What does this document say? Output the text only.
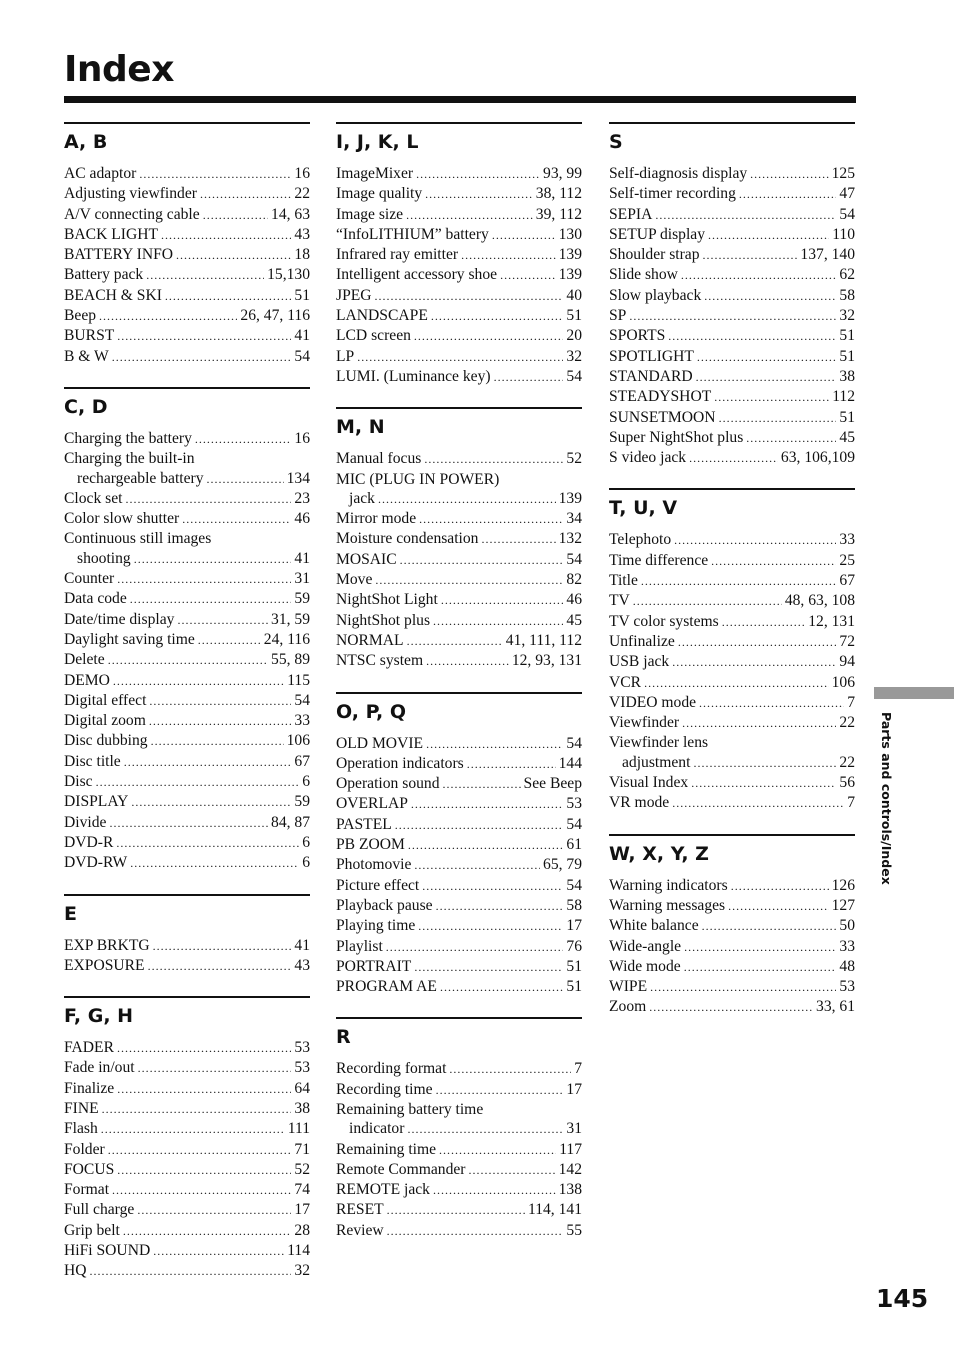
Index
A, B
AC adaptor .....	16
Adjusting viewfinder .....	22
A/V connecting cable .....	14, 63
BACK LIGHT .....	43
BATTERY INFO .....	18
Battery pack .....	15,130
BEACH & SKI .....	51
Beep .....	26, 47, 116
BURST .....	41
B & W .....	54
C, D
Charging the battery .....	16
Charging the built-in
rechargeable battery .....	134
Clock set .....	23
Color slow shutter .....	46
Continuous still images
shooting .....	41
Counter .....	31
Data code .....	59
Date/time display .....	31, 59
Daylight saving time .....	24, 116
Delete .....	55, 89
DEMO .....	115
Digital effect .....	54
Digital zoom .....	33
Disc dubbing .....	106
Disc title .....	67
Disc .....	6
DISPLAY .....	59
Divide .....	84, 87
DVD-R .....	6
DVD-RW .....	6
E
EXP BRKTG .....	41
EXPOSURE .....	43
F, G, H
FADER .....	53
Fade in/out .....	53
Finalize .....	64
FINE .....	38
Flash .....	111
Folder .....	71
FOCUS .....	52
Format .....	74
Full charge .....	17
Grip belt .....	28
HiFi SOUND .....	114
HQ .....	32
I, J, K, L
ImageMixer .....	93, 99
Image quality .....	38, 112
Image size .....	39, 112
“InfoLITHIUM” battery .....	130
Infrared ray emitter .....	139
Intelligent accessory shoe .....	139
JPEG .....	40
LANDSCAPE .....	51
LCD screen .....	20
LP .....	32
LUMI. (Luminance key) .....	54
M, N
Manual focus .....	52
MIC (PLUG IN POWER)
jack .....	139
Mirror mode .....	34
Moisture condensation .....	132
MOSAIC .....	54
Move .....	82
NightShot Light .....	46
NightShot plus .....	45
NORMAL .....	41, 111, 112
NTSC system .....	12, 93, 131
O, P, Q
OLD MOVIE .....	54
Operation indicators .....	144
Operation sound .....	See Beep
OVERLAP .....	53
PASTEL .....	54
PB ZOOM .....	61
Photomovie .....	65, 79
Picture effect .....	54
Playback pause .....	58
Playing time .....	17
Playlist .....	76
PORTRAIT .....	51
PROGRAM AE .....	51
R
Recording format .....	7
Recording time .....	17
Remaining battery time
indicator .....	31
Remaining time .....	117
Remote Commander .....	142
REMOTE jack .....	138
RESET .....	114, 141
Review .....	55
S
Self-diagnosis display .....	125
Self-timer recording .....	47
SEPIA .....	54
SETUP display .....	110
Shoulder strap .....	137, 140
Slide show .....	62
Slow playback .....	58
SP .....	32
SPORTS .....	51
SPOTLIGHT .....	51
STANDARD .....	38
STEADYSHOT .....	112
SUNSETMOON .....	51
Super NightShot plus .....	45
S video jack .....	63, 106,109
T, U, V
Telephoto .....	33
Time difference .....	25
Title .....	67
TV .....	48, 63, 108
TV color systems .....	12, 131
Unfinalize .....	72
USB jack .....	94
VCR .....	106
VIDEO mode .....	7
Viewfinder .....	22
Viewfinder lens
adjustment .....	22
Visual Index .....	56
VR mode .....	7
W, X, Y, Z
Warning indicators .....	126
Warning messages .....	127
White balance .....	50
Wide-angle .....	33
Wide mode .....	48
WIPE .....	53
Zoom .....	33, 61
Parts and controls/Index
145
